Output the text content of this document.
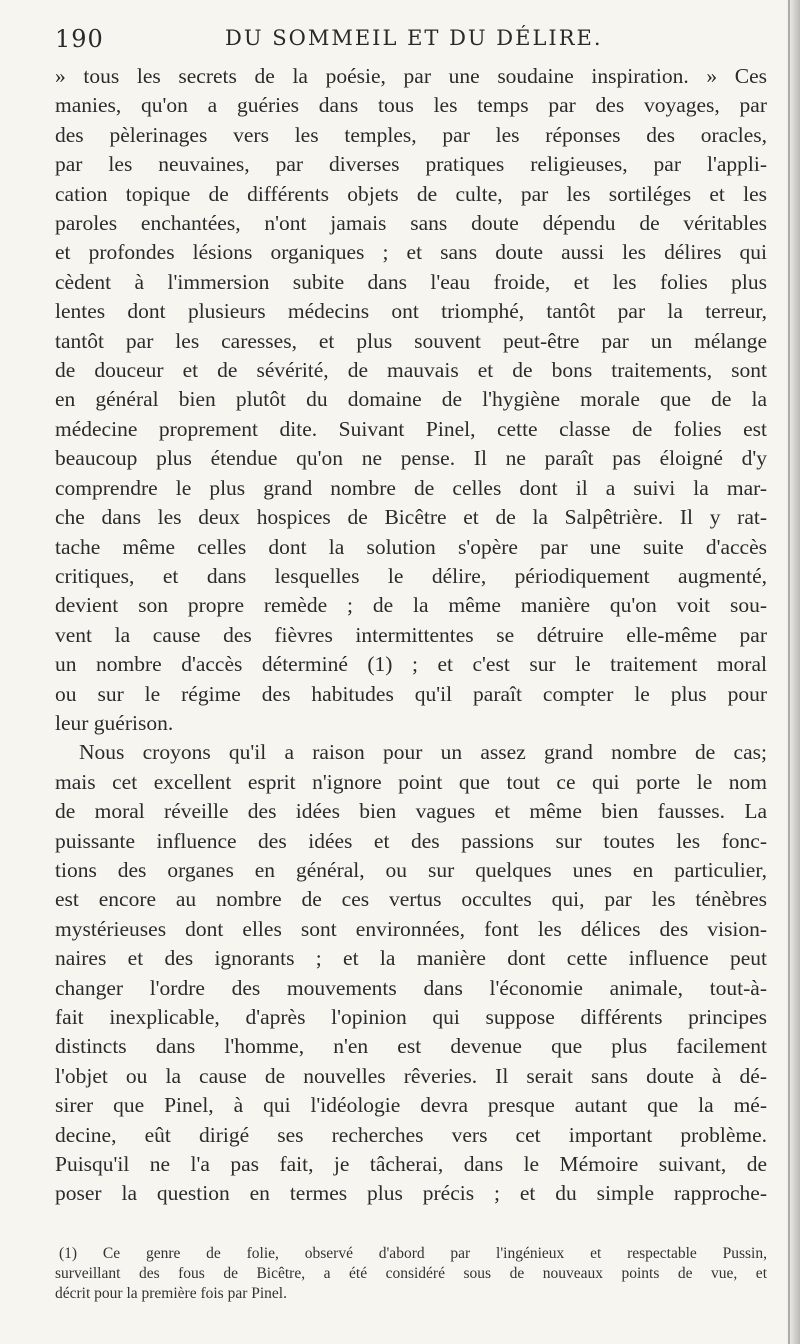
190	DU SOMMEIL ET DU DÉLIRE.
» tous les secrets de la poésie, par une soudaine inspiration. » Ces
manies, qu'on a guéries dans tous les temps par des voyages, par
des pèlerinages vers les temples, par les réponses des oracles,
par les neuvaines, par diverses pratiques religieuses, par l'appli-
cation topique de différents objets de culte, par les sortiléges et les
paroles enchantées, n'ont jamais sans doute dépendu de véritables
et profondes lésions organiques ; et sans doute aussi les délires qui
cèdent à l'immersion subite dans l'eau froide, et les folies plus
lentes dont plusieurs médecins ont triomphé, tantôt par la terreur,
tantôt par les caresses, et plus souvent peut-être par un mélange
de douceur et de sévérité, de mauvais et de bons traitements, sont
en général bien plutôt du domaine de l'hygiène morale que de la
médecine proprement dite. Suivant Pinel, cette classe de folies est
beaucoup plus étendue qu'on ne pense. Il ne paraît pas éloigné d'y
comprendre le plus grand nombre de celles dont il a suivi la mar-
che dans les deux hospices de Bicêtre et de la Salpêtrière. Il y rat-
tache même celles dont la solution s'opère par une suite d'accès
critiques, et dans lesquelles le délire, périodiquement augmenté,
devient son propre remède ; de la même manière qu'on voit sou-
vent la cause des fièvres intermittentes se détruire elle-même par
un nombre d'accès déterminé (1) ; et c'est sur le traitement moral
ou sur le régime des habitudes qu'il paraît compter le plus pour
leur guérison.
Nous croyons qu'il a raison pour un assez grand nombre de cas;
mais cet excellent esprit n'ignore point que tout ce qui porte le nom
de moral réveille des idées bien vagues et même bien fausses. La
puissante influence des idées et des passions sur toutes les fonc-
tions des organes en général, ou sur quelques unes en particulier,
est encore au nombre de ces vertus occultes qui, par les ténèbres
mystérieuses dont elles sont environnées, font les délices des vision-
naires et des ignorants ; et la manière dont cette influence peut
changer l'ordre des mouvements dans l'économie animale, tout-à-
fait inexplicable, d'après l'opinion qui suppose différents principes
distincts dans l'homme, n'en est devenue que plus facilement
l'objet ou la cause de nouvelles rêveries. Il serait sans doute à dé-
sirer que Pinel, à qui l'idéologie devra presque autant que la mé-
decine, eût dirigé ses recherches vers cet important problème.
Puisqu'il ne l'a pas fait, je tâcherai, dans le Mémoire suivant, de
poser la question en termes plus précis ; et du simple rapproche-
(1) Ce genre de folie, observé d'abord par l'ingénieux et respectable Pussin,
surveillant des fous de Bicêtre, a été considéré sous de nouveaux points de vue, et
décrit pour la première fois par Pinel.
